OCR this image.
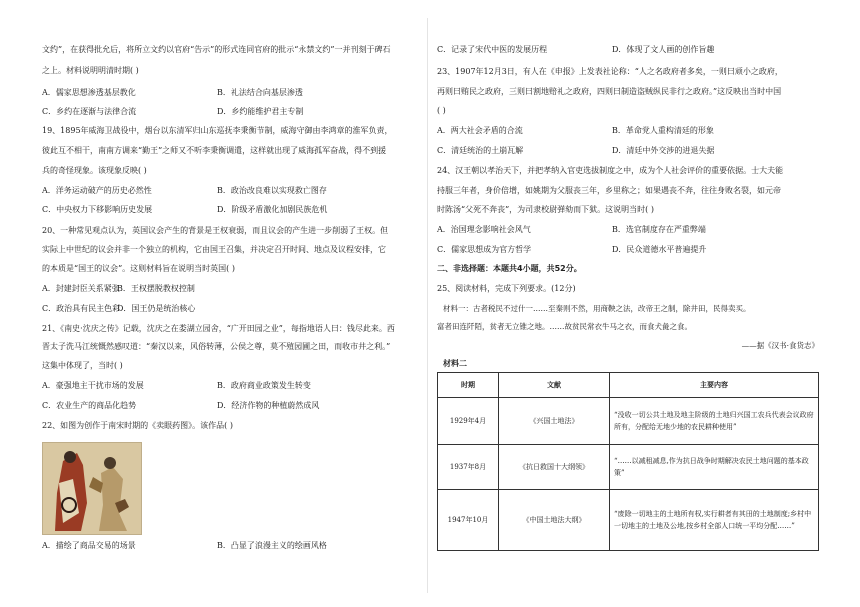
文约”，在获得批允后，将所立文约以官府“告示”的形式连同官府的批示“永禁文约”一并刊刻于碑石
之上。材料说明明清时期( )
A．儒家思想渗透基层教化	B．礼法结合向基层渗透
C．乡约在逐渐与法律合流	D．乡约能维护君主专制
19、1895年威海卫战役中，烟台以东清军归山东巡抚李秉衡节制，威海守御由李鸿章的淮军负责，
彼此互不相干，南南方调来“勤王”之师又不听李秉衡调遣，这样就出现了威海孤军奋战，得不到援
兵的奇怪现象。该现象反映( )
A．洋务运动破产的历史必然性	B．政治改良难以实现救亡图存
C．中央权力下移影响历史发展	D．阶级矛盾激化加剧民族危机
20、一种常见观点认为，英国议会产生的背景是王权衰弱，而且议会的产生进一步削弱了王权。但
实际上中世纪的议会并非一个独立的机构，它由国王召集，并决定召开时间、地点及议程安排，它
的本质是“国王的议会”。这则材料旨在说明当时英国( )
A．封建封臣关系紧张
B．王权摆脱教权控制
C．政治具有民主色彩
D．国王仍是统治核心
21、《南史·沈庆之传》记载，沈庆之在娄湖立园舍，“广开田园之业”，每指地语人曰：钱尽此来。西
晋太子洗马江统慨然感叹道：“秦汉以来，风俗转薄，公侯之尊，莫不殖园圃之田，而收市井之利。”
这集中体现了，当时( )
A．豪强地主干扰市场的发展	B．政府商业政策发生转变
C．农业生产的商品化趋势	D．经济作物的种植蔚然成风
22、如图为创作于南宋时期的《卖眼药图》。该作品( )
A．描绘了商品交易的场景	B．凸显了浪漫主义的绘画风格
C．记录了宋代中医的发展历程	D．体现了文人画的创作旨趣
23、1907年12月3日，有人在《申报》上发表社论称：“人之名政府者多矣，一则曰顽小之政府，
再则曰贿民之政府，三则曰割地赔礼之政府，四则曰制造盗贼纵民非行之政府。”这反映出当时中国
( )
A．两大社会矛盾的合流	B．革命党人重构清廷的形象
C．清廷统治的土崩瓦解	D．清廷中外交涉的进退失据
24、汉王朝以孝治天下，并把孝纳入官吏选拔制度之中，成为个人社会评价的重要依据。士大夫能
持服三年者，身价倍增，如姚期为父服丧三年，乡里称之；如果遇丧不奔，往往身败名裂，如元帝
时陈汤“父死不奔丧”，为司隶校尉弹劾而下狱。这说明当时( )
A．治国理念影响社会风气	B．选官制度存在严重弊端
C．儒家思想成为官方哲学	D．民众道德水平普遍提升
二、非选择题：本题共4小题，共52分。
25、阅读材料，完成下列要求。(12分)
材料一：古者税民不过什一……至秦则不然，用商鞅之法，改帝王之制，除井田，民得卖买。
富者田连阡陌，贫者无立锥之地。……故贫民常衣牛马之衣，而食犬彘之食。
——据《汉书·食货志》
材料二
时期	文献	主要内容
1929年4月	《兴国土地法》	“没收一切公共土地及地主阶级的土地归兴国工农兵代表会议政府所有，分配给无地少地的农民耕种使用”
1937年8月	《抗日救国十大纲领》	“……以减租减息,作为抗日战争时期解决农民土地问题的基本政策”
1947年10月	《中国土地法大纲》	“废除一切地主的土地所有权,实行耕者有其田的土地制度;乡村中一切地主的土地及公地,按乡村全部人口统一平均分配……”
